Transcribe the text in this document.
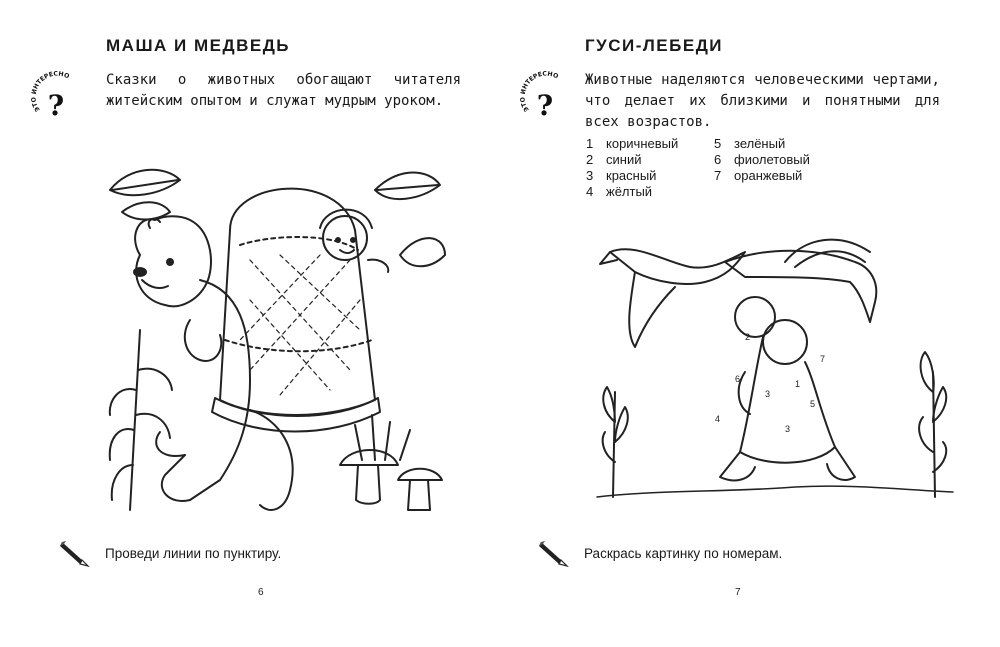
МАША И МЕДВЕДЬ
ЭТО ИНТЕРЕСНО
?

Сказки о животных обогащают читателя житейским опытом и служат мудрым уроком.

Проведи линии по пунктиру.
6
ГУСИ-ЛЕБЕДИ
ЭТО ИНТЕРЕСНО
?

Животные наделяются человеческими чертами, что делает их близкими и понятными для всех возрастов.

1 коричневый	5 зелёный
2 синий	6 фиолетовый
3 красный	7 оранжевый
4 жёлтый
4
3
3
1
2
5
6
7
Раскрась картинку по номерам.
7
